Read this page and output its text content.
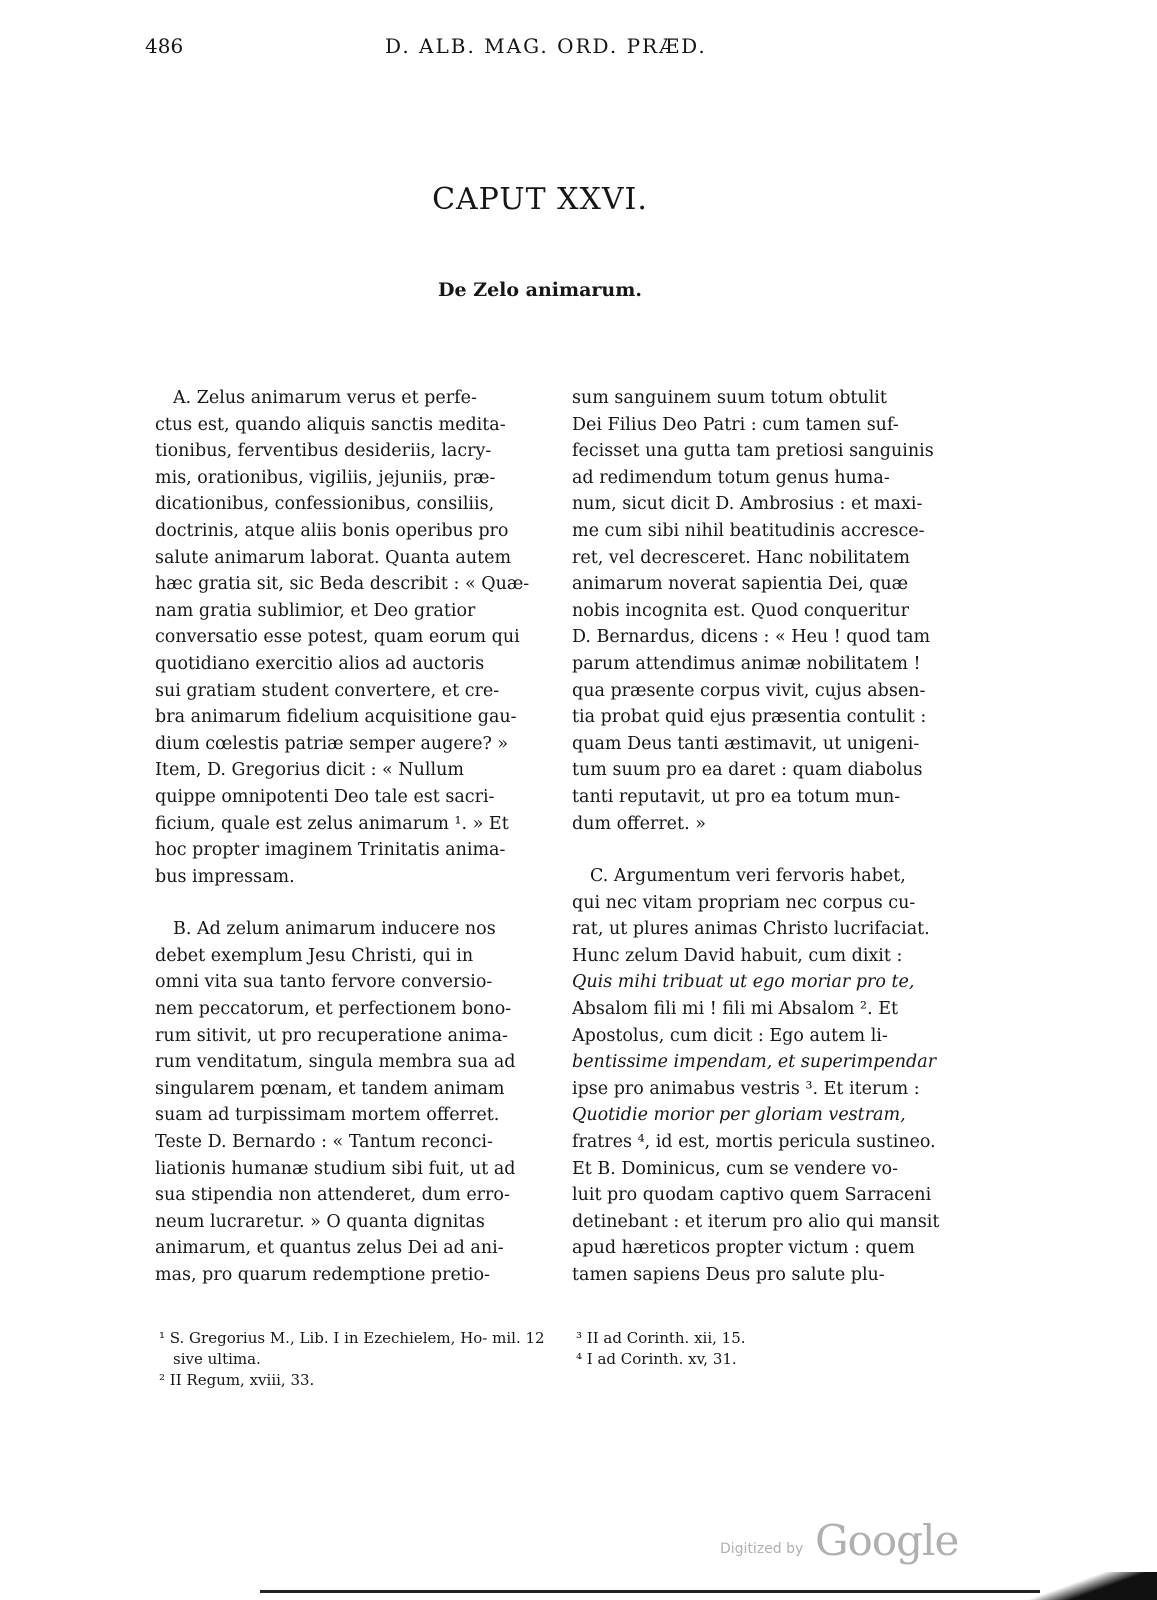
486	D. ALB. MAG. ORD. PRÆD.
CAPUT XXVI.
De Zelo animarum.

A. Zelus animarum verus et perfe-

ctus est, quando aliquis sanctis medita-

tionibus, ferventibus desideriis, lacry-

mis, orationibus, vigiliis, jejuniis, præ-

dicationibus, confessionibus, consiliis,

doctrinis, atque aliis bonis operibus pro

salute animarum laborat. Quanta autem

hæc gratia sit, sic Beda describit : « Quæ-

nam gratia sublimior, et Deo gratior

conversatio esse potest, quam eorum qui

quotidiano exercitio alios ad auctoris

sui gratiam student convertere, et cre-

bra animarum fidelium acquisitione gau-

dium cœlestis patriæ semper augere? »

Item, D. Gregorius dicit : « Nullum

quippe omnipotenti Deo tale est sacri-

ficium, quale est zelus animarum ¹. » Et

hoc propter imaginem Trinitatis anima-

bus impressam.

B. Ad zelum animarum inducere nos

debet exemplum Jesu Christi, qui in

omni vita sua tanto fervore conversio-

nem peccatorum, et perfectionem bono-

rum sitivit, ut pro recuperatione anima-

rum venditatum, singula membra sua ad

singularem pœnam, et tandem animam

suam ad turpissimam mortem offerret.

Teste D. Bernardo : « Tantum reconci-

liationis humanæ studium sibi fuit, ut ad

sua stipendia non attenderet, dum erro-

neum lucraretur. » O quanta dignitas

animarum, et quantus zelus Dei ad ani-

mas, pro quarum redemptione pretio-

sum sanguinem suum totum obtulit

Dei Filius Deo Patri : cum tamen suf-

fecisset una gutta tam pretiosi sanguinis

ad redimendum totum genus huma-

num, sicut dicit D. Ambrosius : et maxi-

me cum sibi nihil beatitudinis accresce-

ret, vel decresceret. Hanc nobilitatem

animarum noverat sapientia Dei, quæ

nobis incognita est. Quod conqueritur

D. Bernardus, dicens : « Heu ! quod tam

parum attendimus animæ nobilitatem !

qua præsente corpus vivit, cujus absen-

tia probat quid ejus præsentia contulit :

quam Deus tanti æstimavit, ut unigeni-

tum suum pro ea daret : quam diabolus

tanti reputavit, ut pro ea totum mun-

dum offerret. »

C. Argumentum veri fervoris habet,

qui nec vitam propriam nec corpus cu-

rat, ut plures animas Christo lucrifaciat.

Hunc zelum David habuit, cum dixit :

Quis mihi tribuat ut ego moriar pro te,

Absalom fili mi ! fili mi Absalom ². Et

Apostolus, cum dicit : Ego autem li-

bentissime impendam, et superimpendar

ipse pro animabus vestris ³. Et iterum :

Quotidie morior per gloriam vestram,

fratres ⁴, id est, mortis pericula sustineo.

Et B. Dominicus, cum se vendere vo-

luit pro quodam captivo quem Sarraceni

detinebant : et iterum pro alio qui mansit

apud hæreticos propter victum : quem

tamen sapiens Deus pro salute plu-

¹ S. Gregorius M., Lib. I in Ezechielem, Ho- mil. 12 sive ultima.

² II Regum, xviii, 33.

³ II ad Corinth. xii, 15.

⁴ I ad Corinth. xv, 31.

Digitized by Google
